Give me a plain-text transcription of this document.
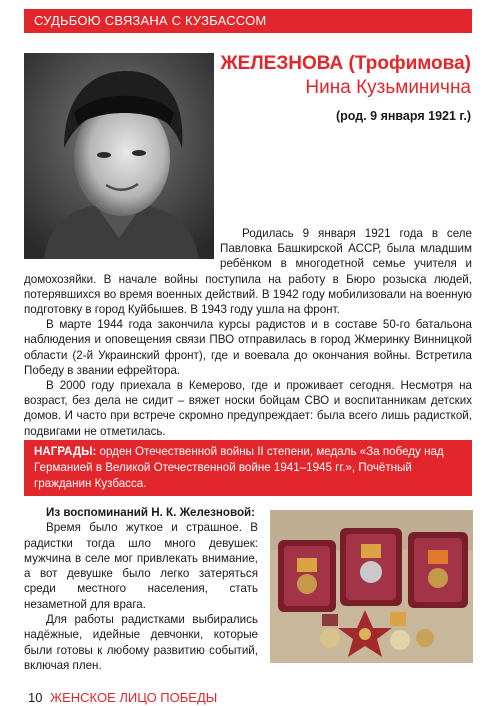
СУДЬБОЮ СВЯЗАНА С КУЗБАССОМ
ЖЕЛЕЗНОВА (Трофимова)
Нина Кузьминична
(род. 9 января 1921 г.)

Родилась 9 января 1921 года в селе Павловка Башкирской АССР, была младшим ребёнком в многодетной семье учителя и домохозяйки. В начале войны поступила на работу в Бюро розыска людей, потерявшихся во время военных действий. В 1942 году мобилизовали на военную подготовку в город Куйбышев. В 1943 году ушла на фронт.

В марте 1944 года закончила курсы радистов и в составе 50-го батальона наблюдения и оповещения связи ПВО отправилась в город Жмеринку Винницкой области (2-й Украинский фронт), где и воевала до окончания войны. Встретила Победу в звании ефрейтора.

В 2000 году приехала в Кемерово, где и проживает сегодня. Несмотря на возраст, без дела не сидит – вяжет носки бойцам СВО и воспитанникам детских домов. И часто при встрече скромно предупреждает: была всего лишь радисткой, подвигами не отметилась.

НАГРАДЫ: орден Отечественной войны II степени, медаль «За победу над Германией в Великой Отечественной войне 1941–1945 гг.», Почётный гражданин Кузбасса.

Из воспоминаний Н. К. Железновой:

Время было жуткое и страшное. В радистки тогда шло много девушек: мужчина в селе мог привлекать внимание, а вот девушке было легко затеряться среди местного населения, стать незаметной для врага.

Для работы радистками выбирались надёжные, идейные девчонки, которые были готовы к любому развитию событий, включая плен.

10 ЖЕНСКОЕ ЛИЦО ПОБЕДЫ
